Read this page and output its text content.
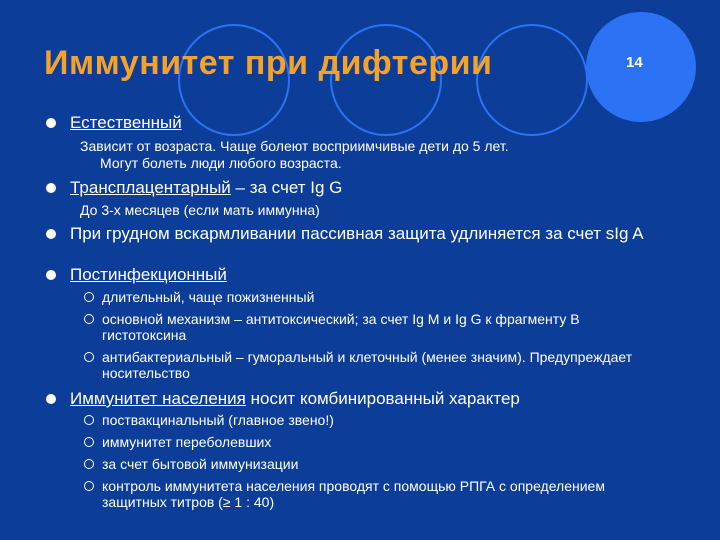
Иммунитет при дифтерии	14
Естественный
Зависит от возраста. Чаще болеют восприимчивые дети до 5 лет.
Могут болеть люди любого возраста.
Трансплацентарный – за счет Ig G
До 3-х месяцев (если мать иммунна)
При грудном вскармливании пассивная защита удлиняется за счет sIg A
Постинфекционный
длительный, чаще пожизненный
основной механизм – антитоксический; за счет Ig M и Ig G к фрагменту В гистотоксина
антибактериальный – гуморальный и клеточный (менее значим). Предупреждает носительство
Иммунитет населения носит комбинированный характер
поствакцинальный (главное звено!)
иммунитет переболевших
за счет бытовой иммунизации
контроль иммунитета населения проводят с помощью РПГА с определением защитных титров (≥ 1 : 40)
